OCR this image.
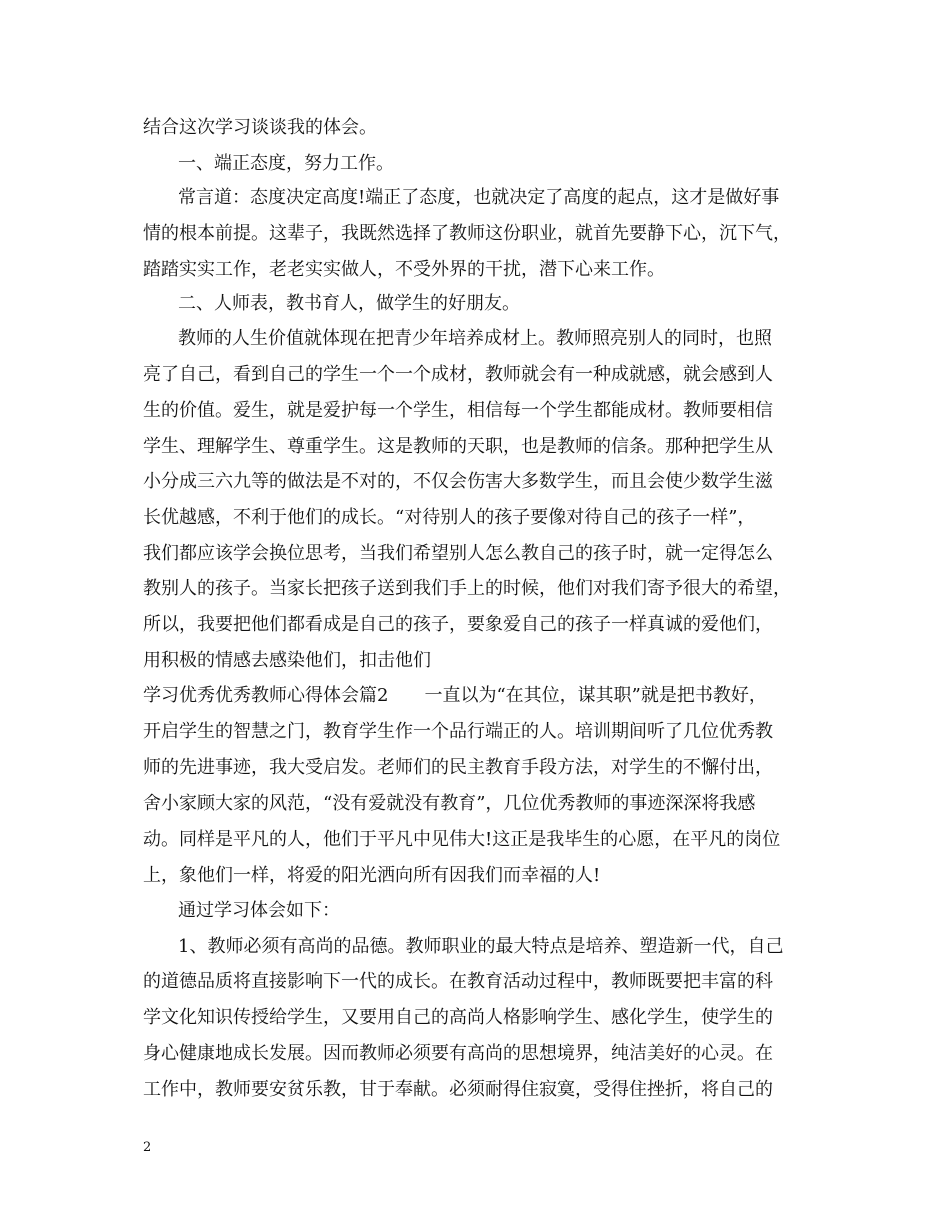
结合这次学习谈谈我的体会。
一、端正态度，努力工作。
常言道：态度决定高度!端正了态度，也就决定了高度的起点，这才是做好事
情的根本前提。这辈子，我既然选择了教师这份职业，就首先要静下心，沉下气，
踏踏实实工作，老老实实做人，不受外界的干扰，潜下心来工作。
二、人师表，教书育人，做学生的好朋友。
教师的人生价值就体现在把青少年培养成材上。教师照亮别人的同时，也照
亮了自己，看到自己的学生一个一个成材，教师就会有一种成就感，就会感到人
生的价值。爱生，就是爱护每一个学生，相信每一个学生都能成材。教师要相信
学生、理解学生、尊重学生。这是教师的天职，也是教师的信条。那种把学生从
小分成三六九等的做法是不对的，不仅会伤害大多数学生，而且会使少数学生滋
长优越感，不利于他们的成长。“对待别人的孩子要像对待自己的孩子一样”，
我们都应该学会换位思考，当我们希望别人怎么教自己的孩子时，就一定得怎么
教别人的孩子。当家长把孩子送到我们手上的时候，他们对我们寄予很大的希望，
所以，我要把他们都看成是自己的孩子，要象爱自己的孩子一样真诚的爱他们，
用积极的情感去感染他们，扣击他们
学习优秀优秀教师心得体会篇2　　一直以为“在其位，谋其职”就是把书教好，
开启学生的智慧之门，教育学生作一个品行端正的人。培训期间听了几位优秀教
师的先进事迹，我大受启发。老师们的民主教育手段方法，对学生的不懈付出，
舍小家顾大家的风范，“没有爱就没有教育”，几位优秀教师的事迹深深将我感
动。同样是平凡的人，他们于平凡中见伟大!这正是我毕生的心愿，在平凡的岗位
上，象他们一样，将爱的阳光洒向所有因我们而幸福的人!
通过学习体会如下：
1、教师必须有高尚的品德。教师职业的最大特点是培养、塑造新一代，自己
的道德品质将直接影响下一代的成长。在教育活动过程中，教师既要把丰富的科
学文化知识传授给学生，又要用自己的高尚人格影响学生、感化学生，使学生的
身心健康地成长发展。因而教师必须要有高尚的思想境界，纯洁美好的心灵。在
工作中，教师要安贫乐教，甘于奉献。必须耐得住寂寞，受得住挫折，将自己的
2
